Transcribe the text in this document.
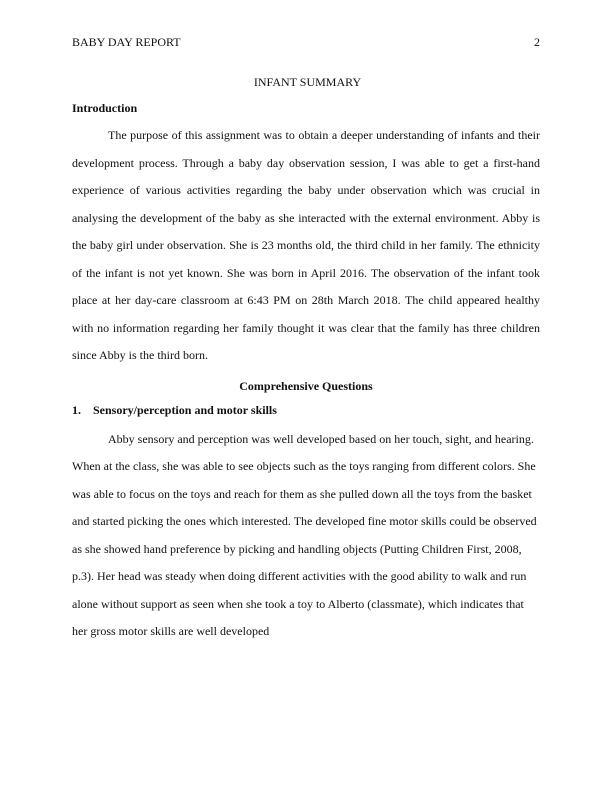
BABY DAY REPORT	2
INFANT SUMMARY
Introduction

The purpose of this assignment was to obtain a deeper understanding of infants and their development process. Through a baby day observation session, I was able to get a first-hand experience of various activities regarding the baby under observation which was crucial in analysing the development of the baby as she interacted with the external environment. Abby is the baby girl under observation. She is 23 months old, the third child in her family. The ethnicity of the infant is not yet known. She was born in April 2016. The observation of the infant took place at her day-care classroom at 6:43 PM on 28th March 2018. The child appeared healthy with no information regarding her family thought it was clear that the family has three children since Abby is the third born.

Comprehensive Questions
1. Sensory/perception and motor skills

Abby sensory and perception was well developed based on her touch, sight, and hearing. When at the class, she was able to see objects such as the toys ranging from different colors. She was able to focus on the toys and reach for them as she pulled down all the toys from the basket and started picking the ones which interested. The developed fine motor skills could be observed as she showed hand preference by picking and handling objects (Putting Children First, 2008, p.3). Her head was steady when doing different activities with the good ability to walk and run alone without support as seen when she took a toy to Alberto (classmate), which indicates that her gross motor skills are well developed
